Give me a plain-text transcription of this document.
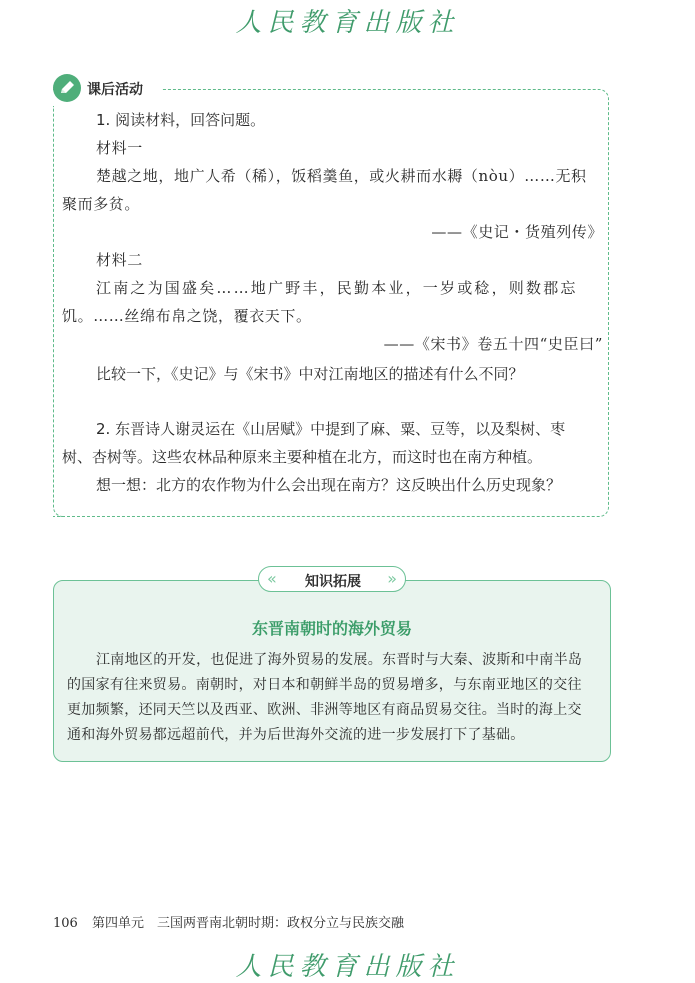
人民教育出版社
课后活动
1. 阅读材料，回答问题。
材料一
楚越之地，地广人希（稀），饭稻羹鱼，或火耕而水耨（nòu）……无积
聚而多贫。
——《史记・货殖列传》
材料二
江南之为国盛矣……地广野丰，民勤本业，一岁或稔，则数郡忘
饥。……丝绵布帛之饶，覆衣天下。
——《宋书》卷五十四“史臣曰”
比较一下，《史记》与《宋书》中对江南地区的描述有什么不同？
2. 东晋诗人谢灵运在《山居赋》中提到了麻、粟、豆等，以及梨树、枣
树、杏树等。这些农林品种原来主要种植在北方，而这时也在南方种植。
想一想：北方的农作物为什么会出现在南方？这反映出什么历史现象？
«	知识拓展	»
东晋南朝时的海外贸易
江南地区的开发，也促进了海外贸易的发展。东晋时与大秦、波斯和中南半岛
的国家有往来贸易。南朝时，对日本和朝鲜半岛的贸易增多，与东南亚地区的交往
更加频繁，还同天竺以及西亚、欧洲、非洲等地区有商品贸易交往。当时的海上交
通和海外贸易都远超前代，并为后世海外交流的进一步发展打下了基础。
106 第四单元　三国两晋南北朝时期：政权分立与民族交融
人民教育出版社
